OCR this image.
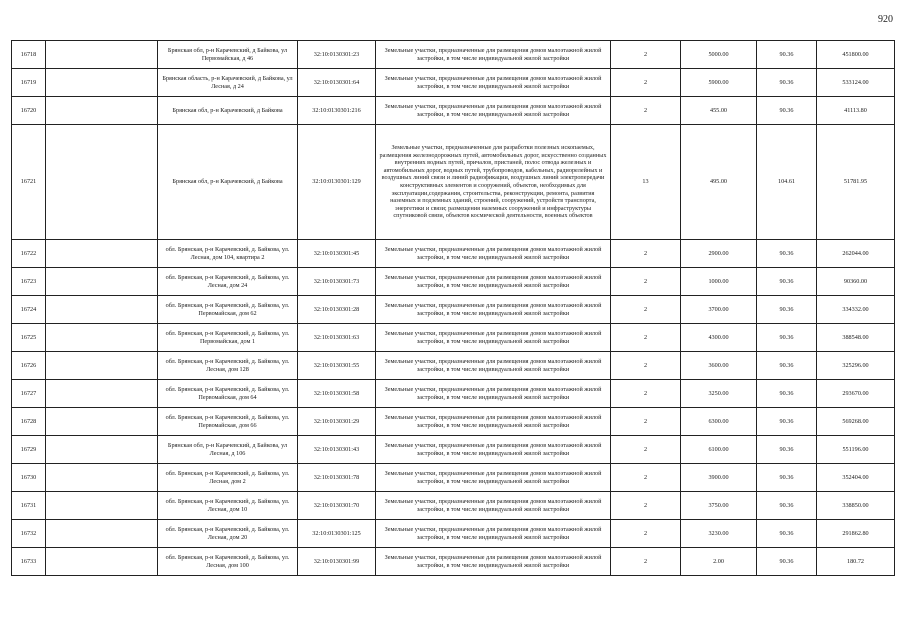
920
16718		Брянская обл, р-н Карачевский, д Байкова, ул Первомайская, д 46	32:10:0130301:23	Земельные участки, предназначенные для размещения домов малоэтажной жилой застройки, в том числе индивидуальной жилой застройки	2	5000.00	90.36	451800.00
16719		Брянская область, р-н Карачевский, д Байкова, ул Лесная, д 24	32:10:0130301:64	Земельные участки, предназначенные для размещения домов малоэтажной жилой застройки, в том числе индивидуальной жилой застройки	2	5900.00	90.36	533124.00
16720		Брянская обл, р-н Карачевский, д Байкова	32:10:0130301:216	Земельные участки, предназначенные для размещения домов малоэтажной жилой застройки, в том числе индивидуальной жилой застройки	2	455.00	90.36	41113.80
16721		Брянская обл, р-н Карачевский, д Байкова	32:10:0130301:129	Земельные участки, предназначенные для разработки полезных ископаемых, размещения железнодорожных путей, автомобильных дорог, искусственно созданных внутренних водных путей, причалов, пристаней, полос отвода железных и автомобильных дорог, водных путей, трубопроводов, кабельных, радиорелейных и воздушных линий связи и линий радиофикации, воздушных линий электропередачи конструктивных элементов и сооружений, объектов, необходимых для эксплуатации,содержания, строительства, реконструкции, ремонта, развития наземных и подземных зданий, строений, сооружений, устройств транспорта, энергетики и связи; размещения наземных сооружений и инфраструктуры спутниковой связи, объектов космической деятельности, военных объектов	13	495.00	104.61	51781.95
16722		обл. Брянская, р-н Карачевский, д. Байкова, ул. Лесная, дом 104, квартира 2	32:10:0130301:45	Земельные участки, предназначенные для размещения домов малоэтажной жилой застройки, в том числе индивидуальной жилой застройки	2	2900.00	90.36	262044.00
16723		обл. Брянская, р-н Карачевский, д. Байкова, ул. Лесная, дом 24	32:10:0130301:73	Земельные участки, предназначенные для размещения домов малоэтажной жилой застройки, в том числе индивидуальной жилой застройки	2	1000.00	90.36	90360.00
16724		обл. Брянская, р-н Карачевский, д. Байкова, ул. Первомайская, дом 62	32:10:0130301:28	Земельные участки, предназначенные для размещения домов малоэтажной жилой застройки, в том числе индивидуальной жилой застройки	2	3700.00	90.36	334332.00
16725		обл. Брянская, р-н Карачевский, д. Байкова, ул. Первомайская, дом 1	32:10:0130301:63	Земельные участки, предназначенные для размещения домов малоэтажной жилой застройки, в том числе индивидуальной жилой застройки	2	4300.00	90.36	388548.00
16726		обл. Брянская, р-н Карачевский, д. Байкова, ул. Лесная, дом 128	32:10:0130301:55	Земельные участки, предназначенные для размещения домов малоэтажной жилой застройки, в том числе индивидуальной жилой застройки	2	3600.00	90.36	325296.00
16727		обл. Брянская, р-н Карачевский, д. Байкова, ул. Первомайская, дом 64	32:10:0130301:58	Земельные участки, предназначенные для размещения домов малоэтажной жилой застройки, в том числе индивидуальной жилой застройки	2	3250.00	90.36	293670.00
16728		обл. Брянская, р-н Карачевский, д. Байкова, ул. Первомайская, дом 66	32:10:0130301:29	Земельные участки, предназначенные для размещения домов малоэтажной жилой застройки, в том числе индивидуальной жилой застройки	2	6300.00	90.36	569268.00
16729		Брянская обл, р-н Карачевский, д Байкова, ул Лесная, д 106	32:10:0130301:43	Земельные участки, предназначенные для размещения домов малоэтажной жилой застройки, в том числе индивидуальной жилой застройки	2	6100.00	90.36	551196.00
16730		обл. Брянская, р-н Карачевский, д. Байкова, ул. Лесная, дом 2	32:10:0130301:78	Земельные участки, предназначенные для размещения домов малоэтажной жилой застройки, в том числе индивидуальной жилой застройки	2	3900.00	90.36	352404.00
16731		обл. Брянская, р-н Карачевский, д. Байкова, ул. Лесная, дом 10	32:10:0130301:70	Земельные участки, предназначенные для размещения домов малоэтажной жилой застройки, в том числе индивидуальной жилой застройки	2	3750.00	90.36	338850.00
16732		обл. Брянская, р-н Карачевский, д. Байкова, ул. Лесная, дом 20	32:10:0130301:125	Земельные участки, предназначенные для размещения домов малоэтажной жилой застройки, в том числе индивидуальной жилой застройки	2	3230.00	90.36	291862.80
16733		обл. Брянская, р-н Карачевский, д. Байкова, ул. Лесная, дом 100	32:10:0130301:99	Земельные участки, предназначенные для размещения домов малоэтажной жилой застройки, в том числе индивидуальной жилой застройки	2	2.00	90.36	180.72
